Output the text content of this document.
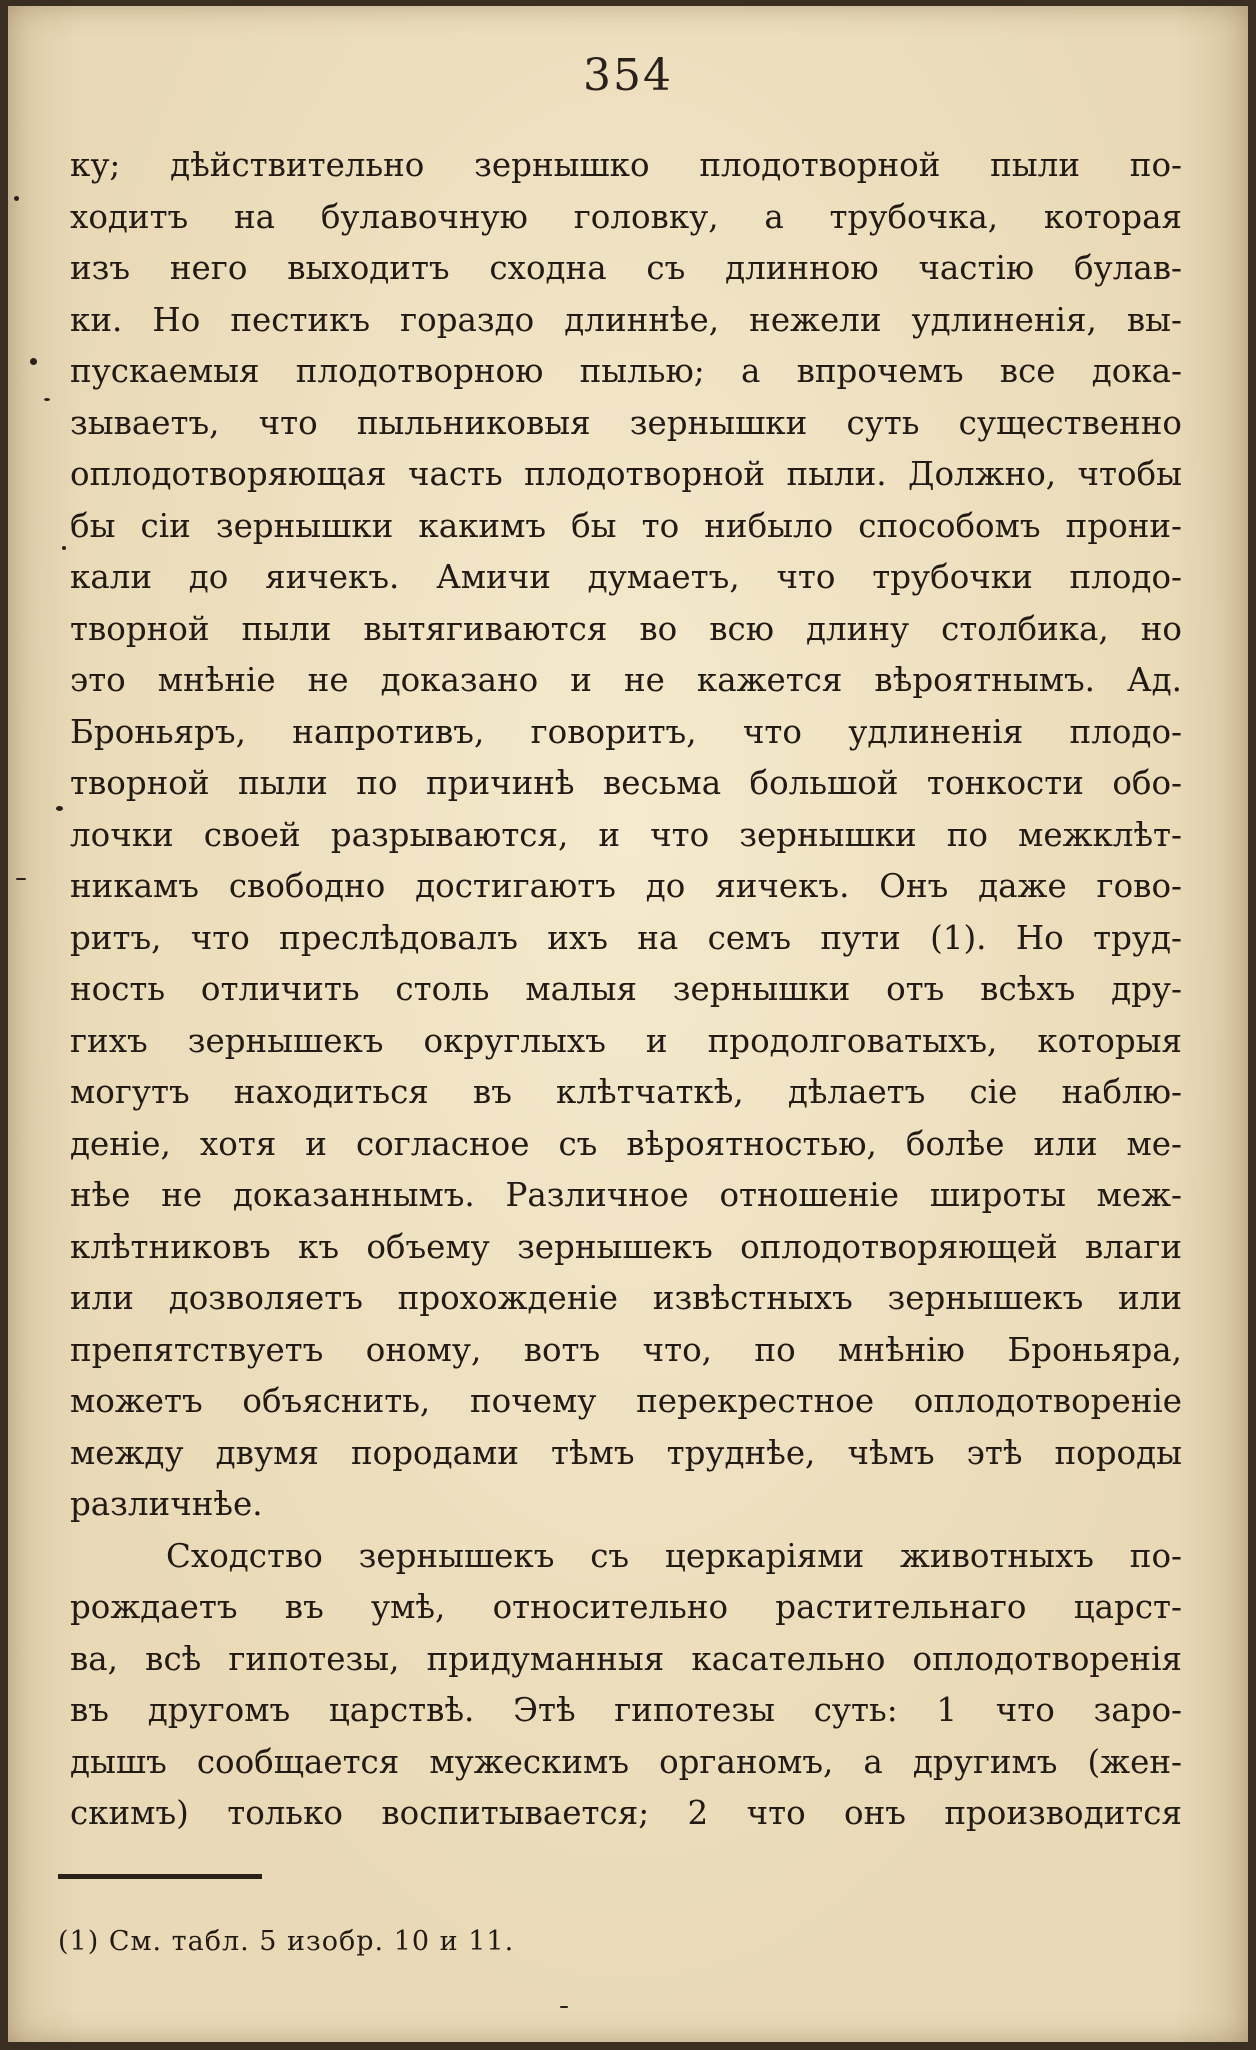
354
ку; дѣйствительно зернышко плодотворной пыли по-
ходитъ на булавочную головку, а трубочка, которая
изъ него выходитъ сходна съ длинною частію булав-
ки. Но пестикъ гораздо длиннѣе, нежели удлиненія, вы-
пускаемыя плодотворною пылью; а впрочемъ все дока-
зываетъ, что пыльниковыя зернышки суть существенно
оплодотворяющая часть плодотворной пыли. Должно, чтобы
бы сіи зернышки какимъ бы то нибыло способомъ прони-
кали до яичекъ. Амичи думаетъ, что трубочки плодо-
творной пыли вытягиваются во всю длину столбика, но
это мнѣніе не доказано и не кажется вѣроятнымъ. Ад.
Броньяръ, напротивъ, говоритъ, что удлиненія плодо-
творной пыли по причинѣ весьма большой тонкости обо-
лочки своей разрываются, и что зернышки по межклѣт-
никамъ свободно достигаютъ до яичекъ. Онъ даже гово-
ритъ, что преслѣдовалъ ихъ на семъ пути (1). Но труд-
ность отличить столь малыя зернышки отъ всѣхъ дру-
гихъ зернышекъ округлыхъ и продолговатыхъ, которыя
могутъ находиться въ клѣтчаткѣ, дѣлаетъ сіе наблю-
деніе, хотя и согласное съ вѣроятностью, болѣе или ме-
нѣе не доказаннымъ. Различное отношеніе широты меж-
клѣтниковъ къ объему зернышекъ оплодотворяющей влаги
или дозволяетъ прохожденіе извѣстныхъ зернышекъ или
препятствуетъ оному, вотъ что, по мнѣнію Броньяра,
можетъ объяснить, почему перекрестное оплодотвореніе
между двумя породами тѣмъ труднѣе, чѣмъ этѣ породы
различнѣе.
Сходство зернышекъ съ церкаріями животныхъ по-
рождаетъ въ умѣ, относительно растительнаго царст-
ва, всѣ гипотезы, придуманныя касательно оплодотворенія
въ другомъ царствѣ. Этѣ гипотезы суть: 1 что заро-
дышъ сообщается мужескимъ органомъ, а другимъ (жен-
скимъ) только воспитывается; 2 что онъ производится
(1) См. табл. 5 изобр. 10 и 11.
